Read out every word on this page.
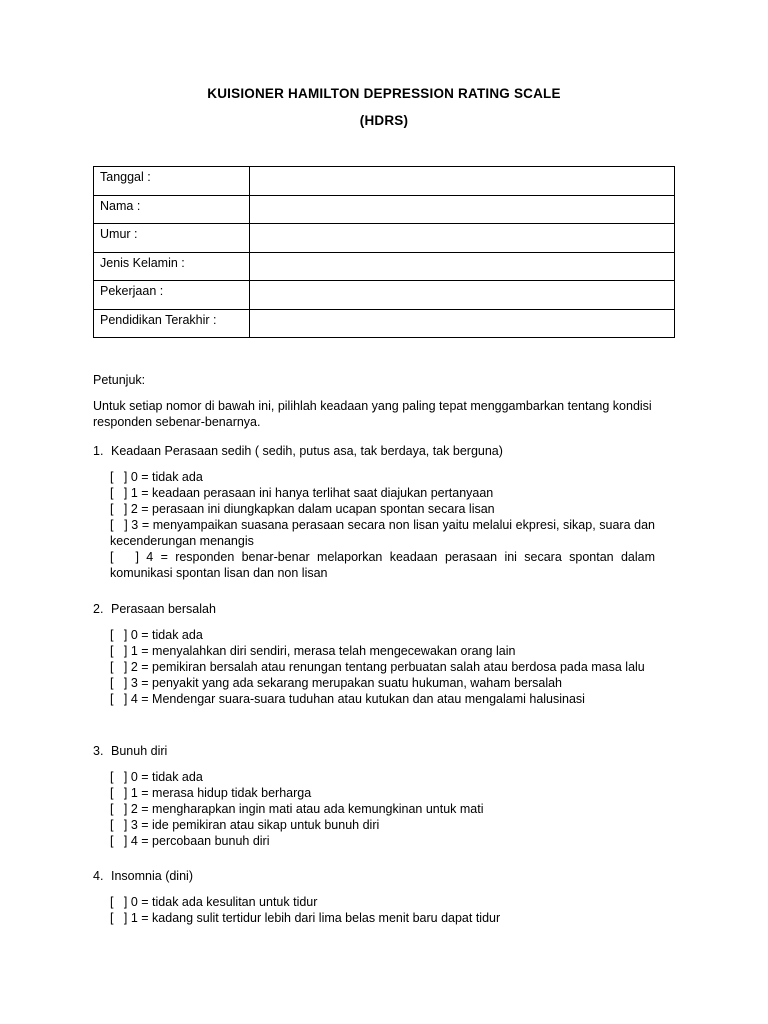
KUISIONER HAMILTON DEPRESSION RATING SCALE
(HDRS)
Tanggal :	
Nama :	
Umur :	
Jenis Kelamin :	
Pekerjaan :	
Pendidikan Terakhir :	
Petunjuk:
Untuk setiap nomor di bawah ini, pilihlah keadaan yang paling tepat menggambarkan tentang kondisi responden sebenar-benarnya.
1. Keadaan Perasaan sedih ( sedih, putus asa, tak berdaya, tak berguna)
[   ] 0 = tidak ada
[   ] 1 = keadaan perasaan ini hanya terlihat saat diajukan pertanyaan
[   ] 2 = perasaan ini diungkapkan dalam ucapan spontan secara lisan
[   ] 3 = menyampaikan suasana perasaan secara non lisan yaitu melalui ekpresi, sikap, suara dan kecenderungan menangis
[   ] 4 = responden benar-benar melaporkan keadaan perasaan ini secara spontan dalam komunikasi spontan lisan dan non lisan
2. Perasaan bersalah
[   ] 0 = tidak ada
[   ] 1 = menyalahkan diri sendiri, merasa telah mengecewakan orang lain
[   ] 2 = pemikiran bersalah atau renungan tentang perbuatan salah atau berdosa pada masa lalu
[   ] 3 = penyakit yang ada sekarang merupakan suatu hukuman, waham bersalah
[   ] 4 = Mendengar suara-suara tuduhan atau kutukan dan atau mengalami halusinasi
3. Bunuh diri
[   ] 0 = tidak ada
[   ] 1 = merasa hidup tidak berharga
[   ] 2 = mengharapkan ingin mati atau ada kemungkinan untuk mati
[   ] 3 = ide pemikiran atau sikap untuk bunuh diri
[   ] 4 = percobaan bunuh diri
4. Insomnia (dini)
[   ] 0 = tidak ada kesulitan untuk tidur
[   ] 1 = kadang sulit tertidur lebih dari lima belas menit baru dapat tidur
